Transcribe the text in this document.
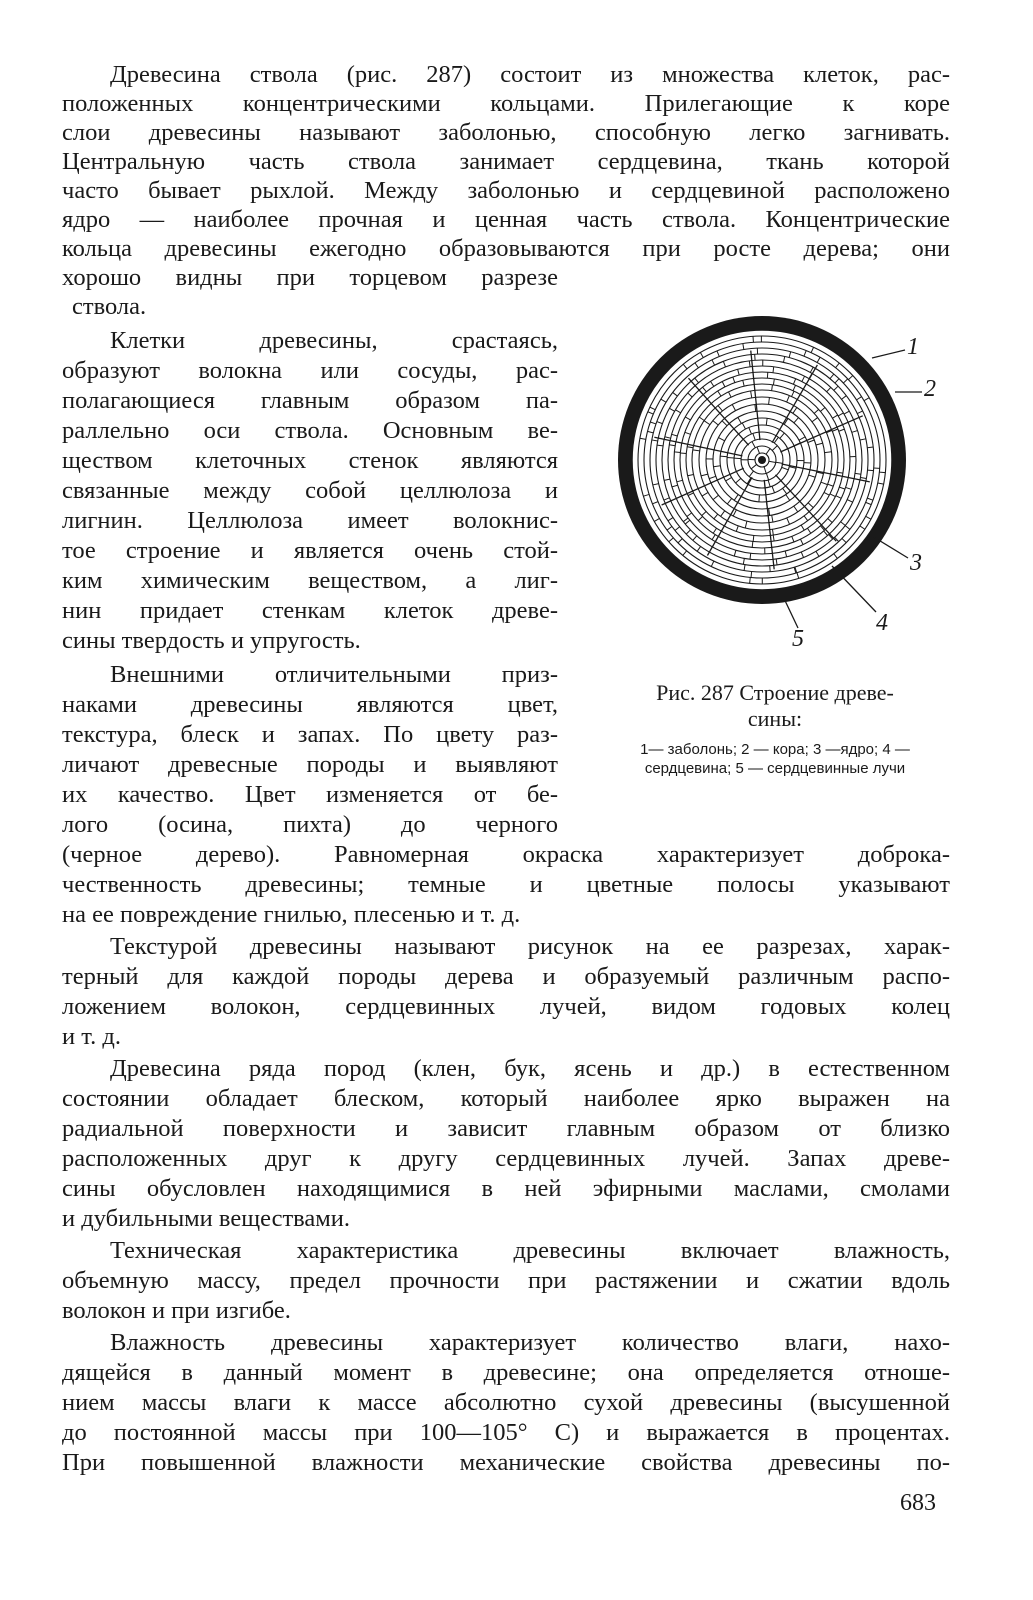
Древесина ствола (рис. 287) состоит из множества клеток, рас-
положенных концентрическими кольцами. Прилегающие к коре
слои древесины называют заболонью, способную легко загнивать.
Центральную часть ствола занимает сердцевина, ткань которой
часто бывает рыхлой. Между заболонью и сердцевиной расположено
ядро — наиболее прочная и ценная часть ствола. Концентрические
кольца древесины ежегодно образовываются при росте дерева; они
хорошо видны при торцевом разрезе
ствола.
Клетки древесины, срастаясь,
образуют волокна или сосуды, рас-
полагающиеся главным образом па-
раллельно оси ствола. Основным ве-
ществом клеточных стенок являются
связанные между собой целлюлоза и
лигнин. Целлюлоза имеет волокнис-
тое строение и является очень стой-
ким химическим веществом, а лиг-
нин придает стенкам клеток древе-
сины твердость и упругость.
Внешними отличительными приз-
наками древесины являются цвет,
текстура, блеск и запах. По цвету раз-
личают древесные породы и выявляют
их качество. Цвет изменяется от бе-
лого (осина, пихта) до черного
(черное дерево). Равномерная окраска характеризует доброка-
чественность древесины; темные и цветные полосы указывают
на ее повреждение гнилью, плесенью и т. д.
Текстурой древесины называют рисунок на ее разрезах, харак-
терный для каждой породы дерева и образуемый различным распо-
ложением волокон, сердцевинных лучей, видом годовых колец
и т. д.
Древесина ряда пород (клен, бук, ясень и др.) в естественном
состоянии обладает блеском, который наиболее ярко выражен на
радиальной поверхности и зависит главным образом от близко
расположенных друг к другу сердцевинных лучей. Запах древе-
сины обусловлен находящимися в ней эфирными маслами, смолами
и дубильными веществами.
Техническая характеристика древесины включает влажность,
объемную массу, предел прочности при растяжении и сжатии вдоль
волокон и при изгибе.
Влажность древесины характеризует количество влаги, нахо-
дящейся в данный момент в древесине; она определяется отноше-
нием массы влаги к массе абсолютно сухой древесины (высушенной
до постоянной массы при 100—105° С) и выражается в процентах.
При повышенной влажности механические свойства древесины по-
1
2
3
4
5
Рис. 287 Строение древе-
сины:
1— заболонь; 2 — кора; 3 —ядро; 4 — сердцевина; 5 — сердцевинные лучи
683
